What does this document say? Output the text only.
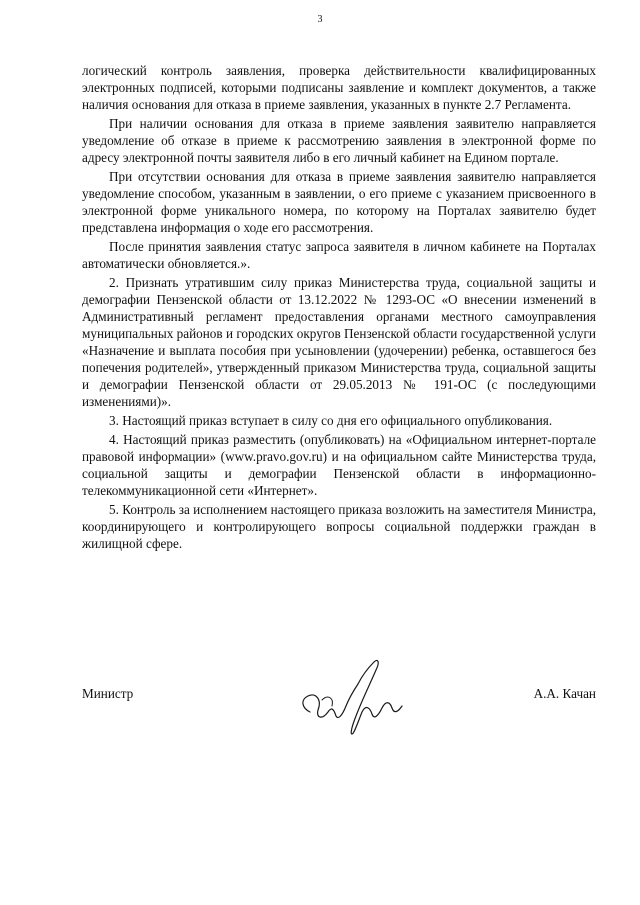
3

логический контроль заявления, проверка действительности квалифицированных электронных подписей, которыми подписаны заявление и комплект документов, а также наличия основания для отказа в приеме заявления, указанных в пункте 2.7 Регламента.

При наличии основания для отказа в приеме заявления заявителю направляется уведомление об отказе в приеме к рассмотрению заявления в электронной форме по адресу электронной почты заявителя либо в его личный кабинет на Едином портале.

При отсутствии основания для отказа в приеме заявления заявителю направляется уведомление способом, указанным в заявлении, о его приеме с указанием присвоенного в электронной форме уникального номера, по которому на Порталах заявителю будет представлена информация о ходе его рассмотрения.

После принятия заявления статус запроса заявителя в личном кабинете на Порталах автоматически обновляется.».

2. Признать утратившим силу приказ Министерства труда, социальной защиты и демографии Пензенской области от 13.12.2022 № 1293-ОС «О внесении изменений в Административный регламент предоставления органами местного самоуправления муниципальных районов и городских округов Пензенской области государственной услуги «Назначение и выплата пособия при усыновлении (удочерении) ребенка, оставшегося без попечения родителей», утвержденный приказом Министерства труда, социальной защиты и демографии Пензенской области от 29.05.2013 № 191-ОС (с последующими изменениями)».

3. Настоящий приказ вступает в силу со дня его официального опубликования.

4. Настоящий приказ разместить (опубликовать) на «Официальном интернет-портале правовой информации» (www.pravo.gov.ru) и на официальном сайте Министерства труда, социальной защиты и демографии Пензенской области в информационно-телекоммуникационной сети «Интернет».

5. Контроль за исполнением настоящего приказа возложить на заместителя Министра, координирующего и контролирующего вопросы социальной поддержки граждан в жилищной сфере.

Министр	А.А. Качан
